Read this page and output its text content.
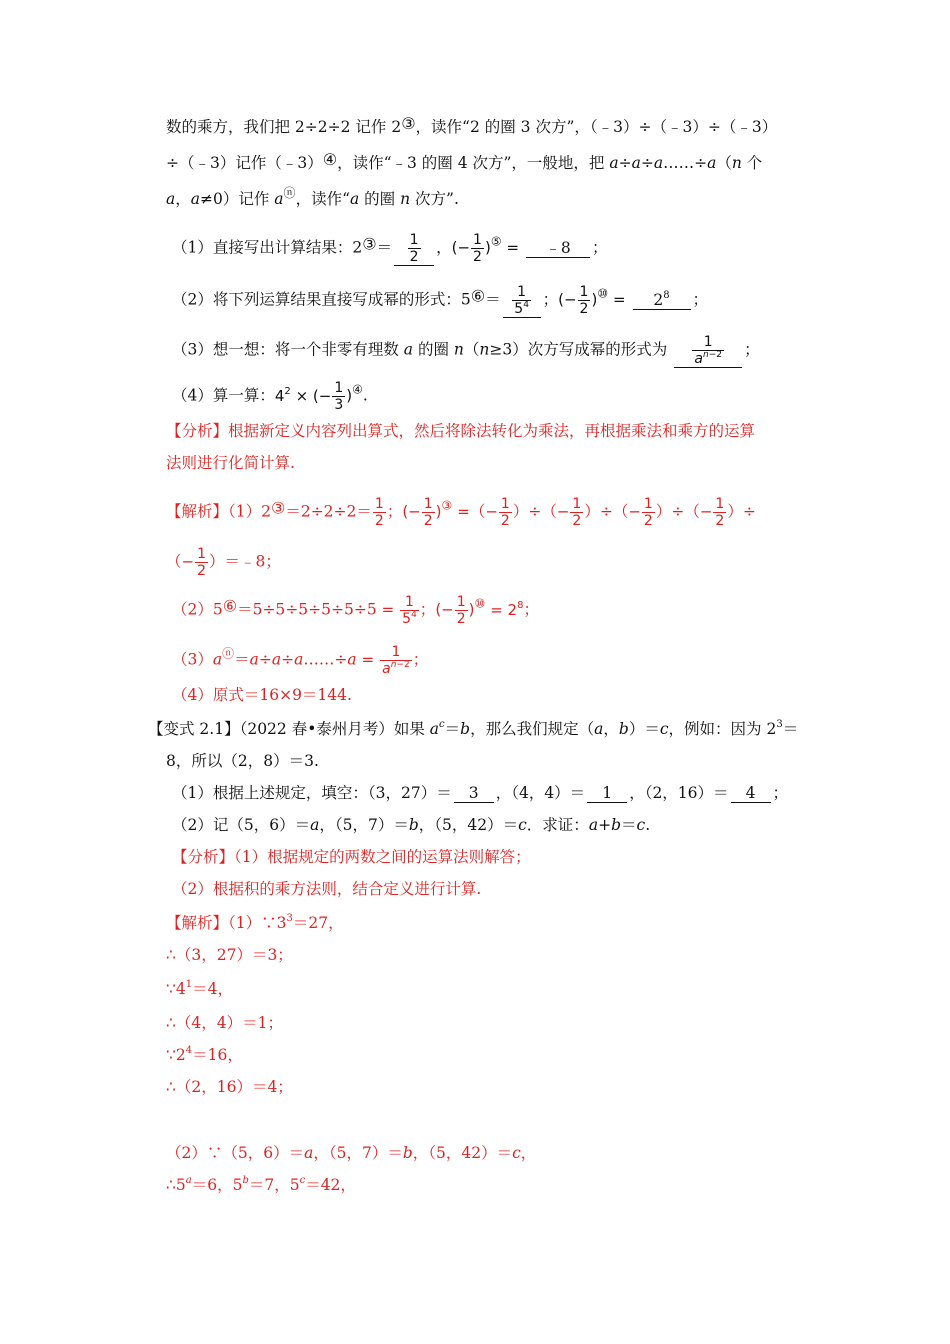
数的乘方，我们把 2÷2÷2 记作 2③，读作“2 的圈 3 次方”，（﹣3）÷（﹣3）÷（﹣3）
÷（﹣3）记作（﹣3）④，读作“﹣3 的圈 4 次方”，一般地，把 a÷a÷a……÷a（n 个
a，a≠0）记作 aⓝ，读作“a 的圈 n 次方”.
（1）直接写出计算结果：2③＝ $\frac{1}{2}$ ，(− $\frac{1}{2} )^⑤$ = ﹣8 ；
（2）将下列运算结果直接写成幂的形式：5⑥＝ $\frac{1}{5^4}$ ；(− $\frac{1}{2} )^⑩ = 2^8$ ；
（3）想一想：将一个非零有理数 a 的圈 n（n≥3）次方写成幂的形式为 $\frac{1}{a^{n-2}}$ ；
（4）算一算：$4^2$ × (− $\frac{1}{3} )^④$.
【分析】根据新定义内容列出算式，然后将除法转化为乘法，再根据乘法和乘方的运算
法则进行化简计算.
【解析】（1）2③＝2÷2÷2＝ $\frac{1}{2}$ ；(− $\frac{1}{2} )^③$ =（− $\frac{1}{2}$ ）÷（− $\frac{1}{2}$ ）÷（− $\frac{1}{2}$ ）÷（− $\frac{1}{2}$ ）÷
（− $\frac{1}{2}$ ）＝﹣8；
（2）5⑥＝5÷5÷5÷5÷5÷5 = $\frac{1}{5^4}$ ；(− $\frac{1}{2} )^⑩ = 2^8$；
（3）aⓝ＝a÷a÷a……÷a = $\frac{1}{a^{n-2}}$ ；
（4）原式＝16×9＝144.
【变式 2.1】（2022 春•泰州月考）如果 $a^c=b$，那么我们规定（a，b）＝c，例如：因为 $2^3=$
8，所以（2，8）＝3.
（1）根据上述规定，填空：（3，27）＝ 3 ，（4，4）＝ 1 ，（2，16）＝ 4 ；
（2）记（5，6）＝a，（5，7）＝b，（5，42）＝c．求证：a+b＝c.
【分析】（1）根据规定的两数之间的运算法则解答；
（2）根据积的乘方法则，结合定义进行计算.
【解析】$(1)\because 3^3=27$，
∴（3，27）＝3；
$\because 4^1=4$，
∴（4，4）＝1；
$\because 2^4=16$，
∴（2，16）＝4；
（2）∵（5，6）＝a，（5，7）＝b，（5，42）＝c，
$\therefore 5^a=6$，$5^b=7$，$5^c=42$，
